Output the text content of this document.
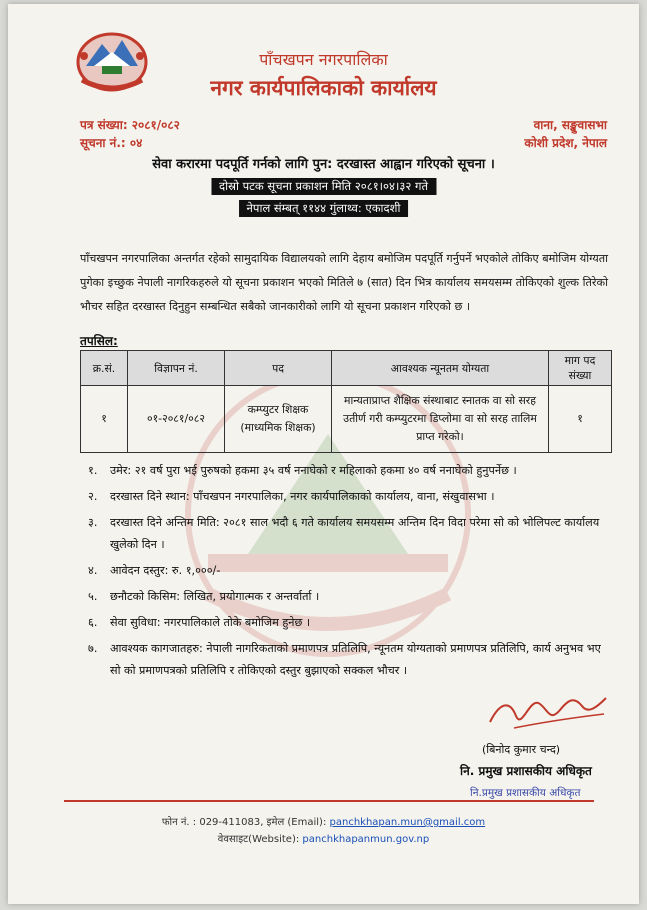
पाँचखपन नगरपालिका
नगर कार्यपालिकाको कार्यालय
पत्र संख्या: २०८१/०८२
सूचना नं.: ०४
वाना, सङ्खुवासभा
कोशी प्रदेश, नेपाल
सेवा करारमा पदपूर्ति गर्नको लागि पुन: दरखास्त आह्वान गरिएको सूचना ।
दोस्रो पटक सूचना प्रकाशन मिति २०८१।०४।३२ गते
नेपाल संम्बत् ११४४ गुंलाथ्व: एकादशी
पाँचखपन नगरपालिका अन्तर्गत रहेको सामुदायिक विद्यालयको लागि देहाय बमोजिम पदपूर्ति गर्नुपर्ने भएकोले तोकिए बमोजिम योग्यता पुगेका इच्छुक नेपाली नागरिकहरुले यो सूचना प्रकाशन भएको मितिले ७ (सात) दिन भित्र कार्यालय समयसम्म तोकिएको शुल्क तिरेको भौचर सहित दरखास्त दिनुहुन सम्बन्धित सबैको जानकारीको लागि यो सूचना प्रकाशन गरिएको छ ।
तपसिल:
क्र.सं.	विज्ञापन नं.	पद	आवश्यक न्यूनतम योग्यता	माग पद संख्या
१	०१-२०८१/०८२	कम्प्युटर शिक्षक (माध्यमिक शिक्षक)	मान्यताप्राप्त शैक्षिक संस्थाबाट स्नातक वा सो सरह उतीर्ण गरी कम्प्युटरमा डिप्लोमा वा सो सरह तालिम प्राप्त गरेको।	१
१. उमेर: २१ वर्ष पुरा भई पुरुषको हकमा ३५ वर्ष ननाघेको र महिलाको हकमा ४० वर्ष ननाघेको हुनुपर्नेछ ।
२. दरखास्त दिने स्थान: पाँचखपन नगरपालिका, नगर कार्यपालिकाको कार्यालय, वाना, संखुवासभा ।
३. दरखास्त दिने अन्तिम मिति: २०८१ साल भदौ ६ गते कार्यालय समयसम्म अन्तिम दिन विदा परेमा सो को भोलिपल्ट कार्यालय खुलेको दिन ।
४. आवेदन दस्तुर: रु. १,०००/-
५. छनौटको किसिम: लिखित, प्रयोगात्मक र अन्तर्वार्ता ।
६. सेवा सुविधा: नगरपालिकाले तोके बमोजिम हुनेछ ।
७. आवश्यक कागजातहरु: नेपाली नागरिकताको प्रमाणपत्र प्रतिलिपि, न्यूनतम योग्यताको प्रमाणपत्र प्रतिलिपि, कार्य अनुभव भए सो को प्रमाणपत्रको प्रतिलिपि र तोकिएको दस्तुर बुझाएको सक्कल भौचर ।
(बिनोद कुमार चन्द)
नि. प्रमुख प्रशासकीय अधिकृत
नि.प्रमुख प्रशासकीय अधिकृत
फोन नं. : 029-411083, इमेल (Email): panchkhapan.mun@gmail.com
वेवसाइट(Website): panchkhapanmun.gov.np
